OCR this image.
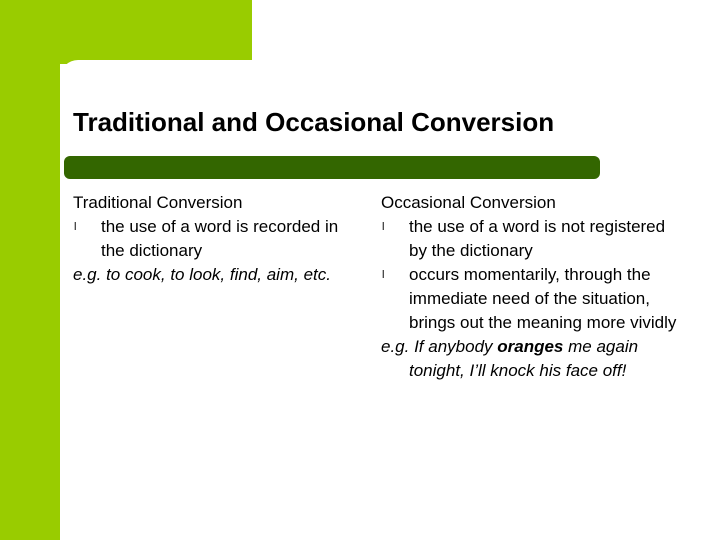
Traditional and Occasional Conversion

Traditional Conversion

l	the use of a word is recorded in the dictionary

e.g. to cook, to look, find, aim, etc.

Occasional Conversion

l	the use of a word is not registered by the dictionary

l	occurs momentarily, through the immediate need of the situation, brings out the meaning more vividly

e.g. If anybody oranges me again tonight, I’ll knock his face off!
